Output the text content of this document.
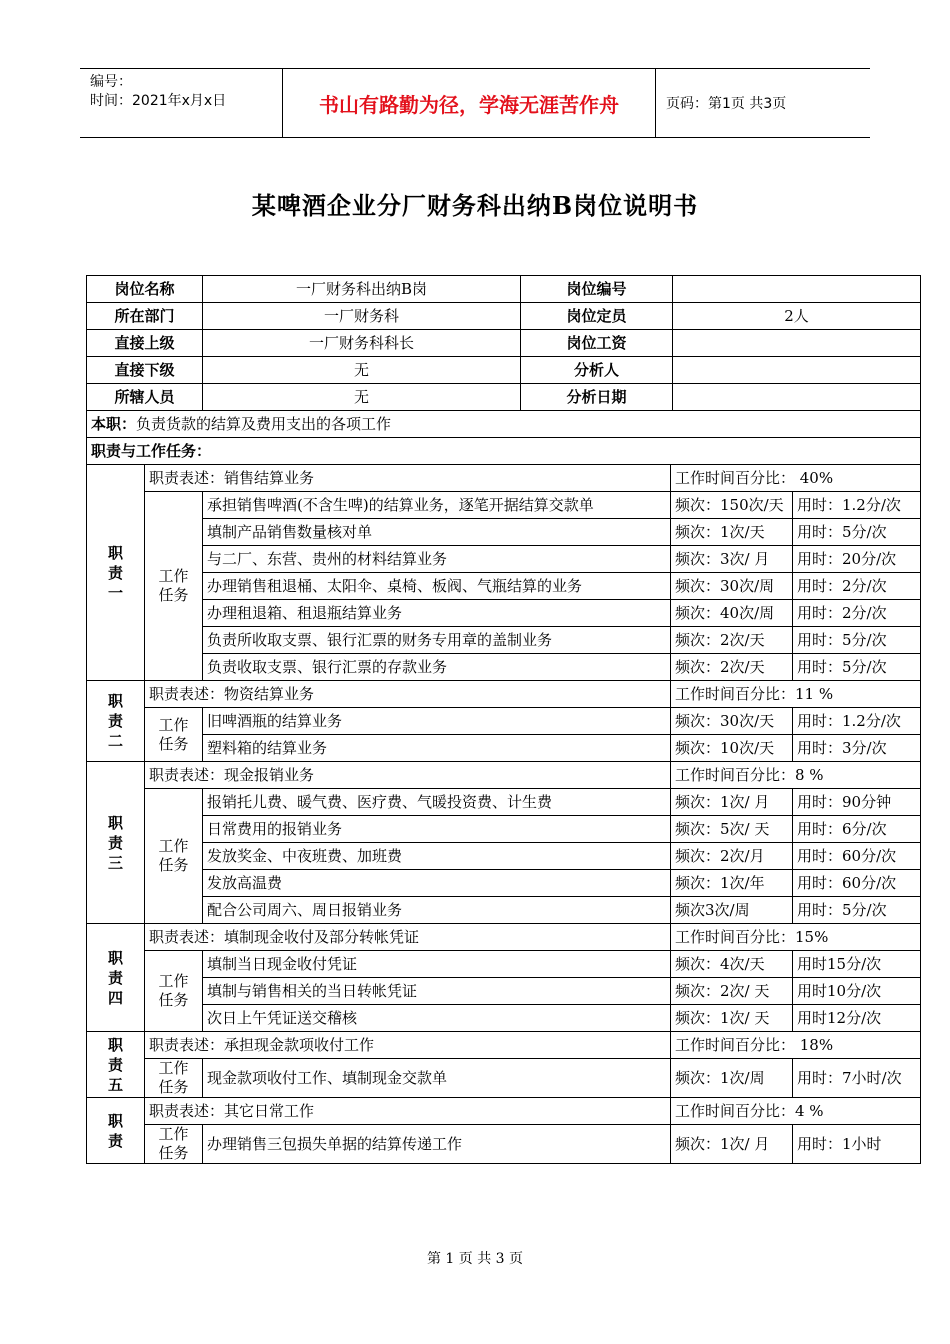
编号：
时间：2021年x月x日	书山有路勤为径，学海无涯苦作舟	页码：第1页 共3页
某啤酒企业分厂财务科出纳B岗位说明书
岗位名称	一厂财务科出纳B岗	岗位编号	
所在部门	一厂财务科	岗位定员	2人
直接上级	一厂财务科科长	岗位工资	
直接下级	无	分析人	
所辖人员	无	分析日期	
本职：负责货款的结算及费用支出的各项工作				
职责与工作任务：				

职责一	职责表述：销售结算业务		工作时间百分比： 40%	

	工作任务	承担销售啤酒(不含生啤)的结算业务，逐笔开据结算交款单	频次：150次/天	用时：1.2分/次
		填制产品销售数量核对单	频次：1次/天	用时：5分/次
		与二厂、东营、贵州的材料结算业务	频次：3次/ 月	用时：20分/次
		办理销售租退桶、太阳伞、桌椅、板阀、气瓶结算的业务	频次：30次/周	用时：2分/次
		办理租退箱、租退瓶结算业务	频次：40次/周	用时：2分/次
		负责所收取支票、银行汇票的财务专用章的盖制业务	频次：2次/天	用时：5分/次
		负责收取支票、银行汇票的存款业务	频次：2次/天	用时：5分/次

职责二	职责表述：物资结算业务		工作时间百分比：11 %	

	工作任务	旧啤酒瓶的结算业务	频次：30次/天	用时：1.2分/次
		塑料箱的结算业务	频次：10次/天	用时：3分/次

职责三	职责表述：现金报销业务		工作时间百分比：8 %	

	工作任务	报销托儿费、暖气费、医疗费、气暖投资费、计生费	频次：1次/ 月	用时：90分钟
		日常费用的报销业务	频次：5次/ 天	用时：6分/次
		发放奖金、中夜班费、加班费	频次：2次/月	用时：60分/次
		发放高温费	频次：1次/年	用时：60分/次
		配合公司周六、周日报销业务	频次3次/周	用时：5分/次

职责四	职责表述：填制现金收付及部分转帐凭证		工作时间百分比：15%	

	工作任务	填制当日现金收付凭证	频次：4次/天	用时15分/次
		填制与销售相关的当日转帐凭证	频次：2次/ 天	用时10分/次
		次日上午凭证送交稽核	频次：1次/ 天	用时12分/次

职责五	职责表述：承担现金款项收付工作		工作时间百分比： 18%	

	工作任务	现金款项收付工作、填制现金交款单	频次：1次/周	用时：7小时/次

职责	职责表述：其它日常工作		工作时间百分比：4 %	

	工作任务	办理销售三包损失单据的结算传递工作	频次：1次/ 月	用时：1小时
第 1 页 共 3 页
